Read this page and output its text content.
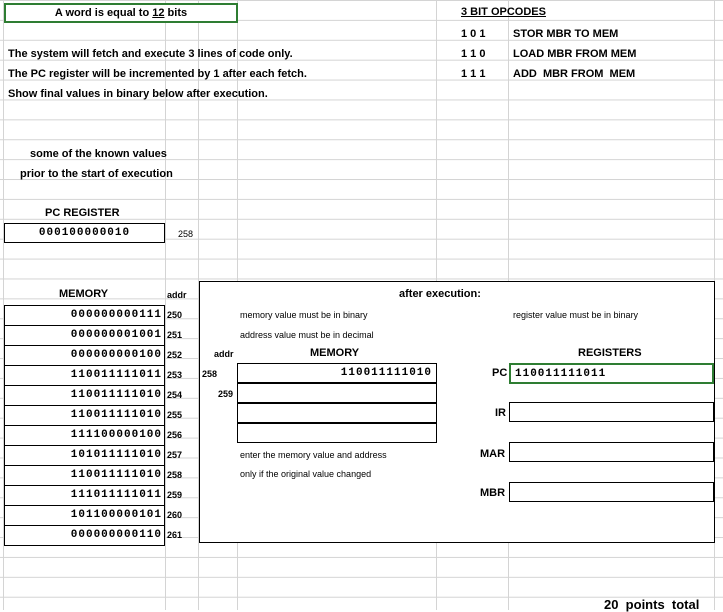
A word is equal to 12 bits	3 BIT OPCODES
1 0 1	STOR MBR TO MEM
1 1 0	LOAD MBR FROM MEM
1 1 1	ADD  MBR FROM  MEM
The system will fetch and execute 3 lines of code only.
The PC register will be incremented by 1 after each fetch.
Show final values in binary below after execution.
some of the known values
prior to the start of execution
PC REGISTER
000100000010	258
MEMORY	addr
000000000111 250
000000001001 251
000000000100 252
110011111011 253
110011111010 254
110011111010 255
111100000100 256
101011111010 257
110011111010 258
111011111011 259
101100000101 260
000000000110 261
after execution:
memory value must be in binary
address value must be in decimal
register value must be in binary
addr	MEMORY	REGISTERS
258	110011111010
259
enter the memory value and address
only if the original value changed
PC 110011111011
IR
MAR
MBR
20  points  total
